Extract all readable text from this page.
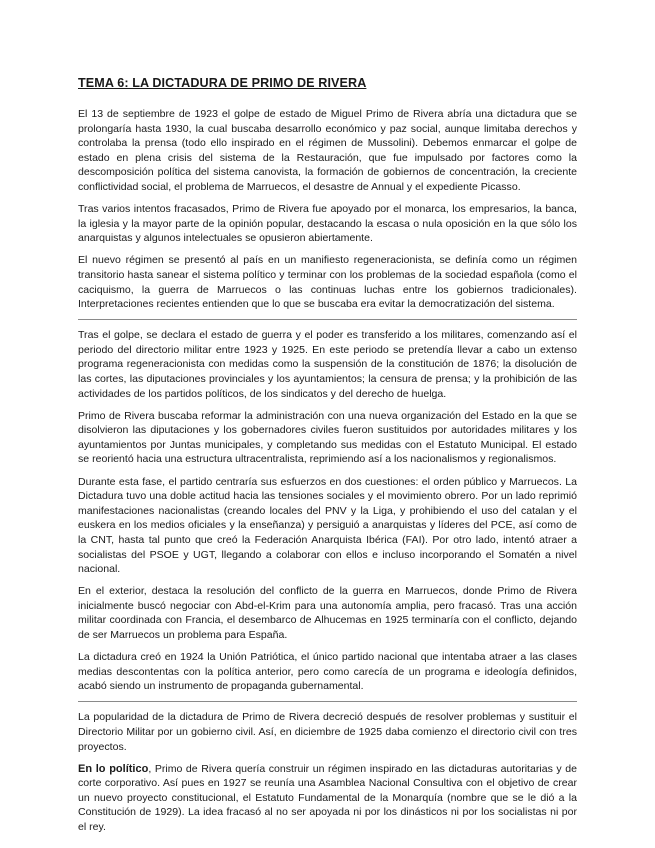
TEMA 6: LA DICTADURA DE PRIMO DE RIVERA

El 13 de septiembre de 1923 el golpe de estado de Miguel Primo de Rivera abría una dictadura que se prolongaría hasta 1930, la cual buscaba desarrollo económico y paz social, aunque limitaba derechos y controlaba la prensa (todo ello inspirado en el régimen de Mussolini). Debemos enmarcar el golpe de estado en plena crisis del sistema de la Restauración, que fue impulsado por factores como la descomposición política del sistema canovista, la formación de gobiernos de concentración, la creciente conflictividad social, el problema de Marruecos, el desastre de Annual y el expediente Picasso.

Tras varios intentos fracasados, Primo de Rivera fue apoyado por el monarca, los empresarios, la banca, la iglesia y la mayor parte de la opinión popular, destacando la escasa o nula oposición en la que sólo los anarquistas y algunos intelectuales se opusieron abiertamente.

El nuevo régimen se presentó al país en un manifiesto regeneracionista, se definía como un régimen transitorio hasta sanear el sistema político y terminar con los problemas de la sociedad española (como el caciquismo, la guerra de Marruecos o las continuas luchas entre los gobiernos tradicionales). Interpretaciones recientes entienden que lo que se buscaba era evitar la democratización del sistema.

Tras el golpe, se declara el estado de guerra y el poder es transferido a los militares, comenzando así el periodo del directorio militar entre 1923 y 1925. En este periodo se pretendía llevar a cabo un extenso programa regeneracionista con medidas como la suspensión de la constitución de 1876; la disolución de las cortes, las diputaciones provinciales y los ayuntamientos; la censura de prensa; y la prohibición de las actividades de los partidos políticos, de los sindicatos y del derecho de huelga.

Primo de Rivera buscaba reformar la administración con una nueva organización del Estado en la que se disolvieron las diputaciones y los gobernadores civiles fueron sustituidos por autoridades militares y los ayuntamientos por Juntas municipales, y completando sus medidas con el Estatuto Municipal. El estado se reorientó hacia una estructura ultracentralista, reprimiendo así a los nacionalismos y regionalismos.

Durante esta fase, el partido centraría sus esfuerzos en dos cuestiones: el orden público y Marruecos. La Dictadura tuvo una doble actitud hacia las tensiones sociales y el movimiento obrero. Por un lado reprimió manifestaciones nacionalistas (creando locales del PNV y la Liga, y prohibiendo el uso del catalan y el euskera en los medios oficiales y la enseñanza) y persiguió a anarquistas y líderes del PCE, así como de la CNT, hasta tal punto que creó la Federación Anarquista Ibérica (FAI). Por otro lado, intentó atraer a socialistas del PSOE y UGT, llegando a colaborar con ellos e incluso incorporando el Somatén a nivel nacional.

En el exterior, destaca la resolución del conflicto de la guerra en Marruecos, donde Primo de Rivera inicialmente buscó negociar con Abd-el-Krim para una autonomía amplia, pero fracasó. Tras una acción militar coordinada con Francia, el desembarco de Alhucemas en 1925 terminaría con el conflicto, dejando de ser Marruecos un problema para España.

La dictadura creó en 1924 la Unión Patriótica, el único partido nacional que intentaba atraer a las clases medias descontentas con la política anterior, pero como carecía de un programa e ideología definidos, acabó siendo un instrumento de propaganda gubernamental.

La popularidad de la dictadura de Primo de Rivera decreció después de resolver problemas y sustituir el Directorio Militar por un gobierno civil. Así, en diciembre de 1925 daba comienzo el directorio civil con tres proyectos.

En lo político, Primo de Rivera quería construir un régimen inspirado en las dictaduras autoritarias y de corte corporativo. Así pues en 1927 se reunía una Asamblea Nacional Consultiva con el objetivo de crear un nuevo proyecto constitucional, el Estatuto Fundamental de la Monarquía (nombre que se le dió a la Constitución de 1929). La idea fracasó al no ser apoyada ni por los dinásticos ni por los socialistas ni por el rey.
